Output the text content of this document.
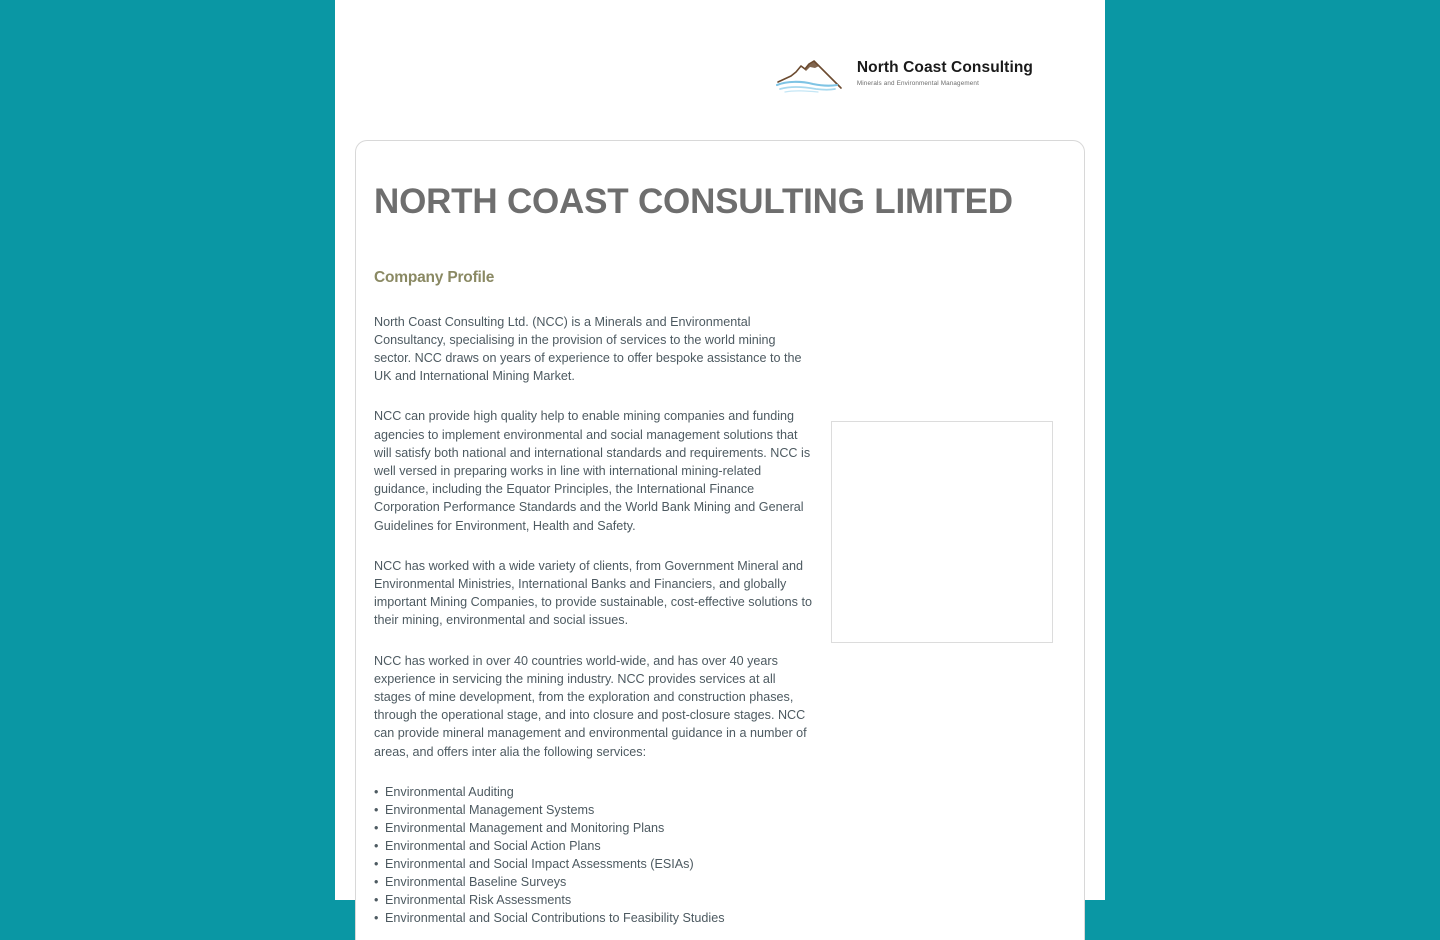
North Coast Consulting
Minerals and Environmental Management
NORTH COAST CONSULTING LIMITED
Company Profile

North Coast Consulting Ltd. (NCC) is a Minerals and Environmental Consultancy, specialising in the provision of services to the world mining sector. NCC draws on years of experience to offer bespoke assistance to the UK and International Mining Market.

NCC can provide high quality help to enable mining companies and funding agencies to implement environmental and social management solutions that will satisfy both national and international standards and requirements. NCC is well versed in preparing works in line with international mining-related guidance, including the Equator Principles, the International Finance Corporation Performance Standards and the World Bank Mining and General Guidelines for Environment, Health and Safety.

NCC has worked with a wide variety of clients, from Government Mineral and Environmental Ministries, International Banks and Financiers, and globally important Mining Companies, to provide sustainable, cost-effective solutions to their mining, environmental and social issues.

NCC has worked in over 40 countries world-wide, and has over 40 years experience in servicing the mining industry. NCC provides services at all stages of mine development, from the exploration and construction phases, through the operational stage, and into closure and post-closure stages. NCC can provide mineral management and environmental guidance in a number of areas, and offers inter alia the following services:

• Environmental Auditing
• Environmental Management Systems
• Environmental Management and Monitoring Plans
• Environmental and Social Action Plans
• Environmental and Social Impact Assessments (ESIAs)
• Environmental Baseline Surveys
• Environmental Risk Assessments
• Environmental and Social Contributions to Feasibility Studies
